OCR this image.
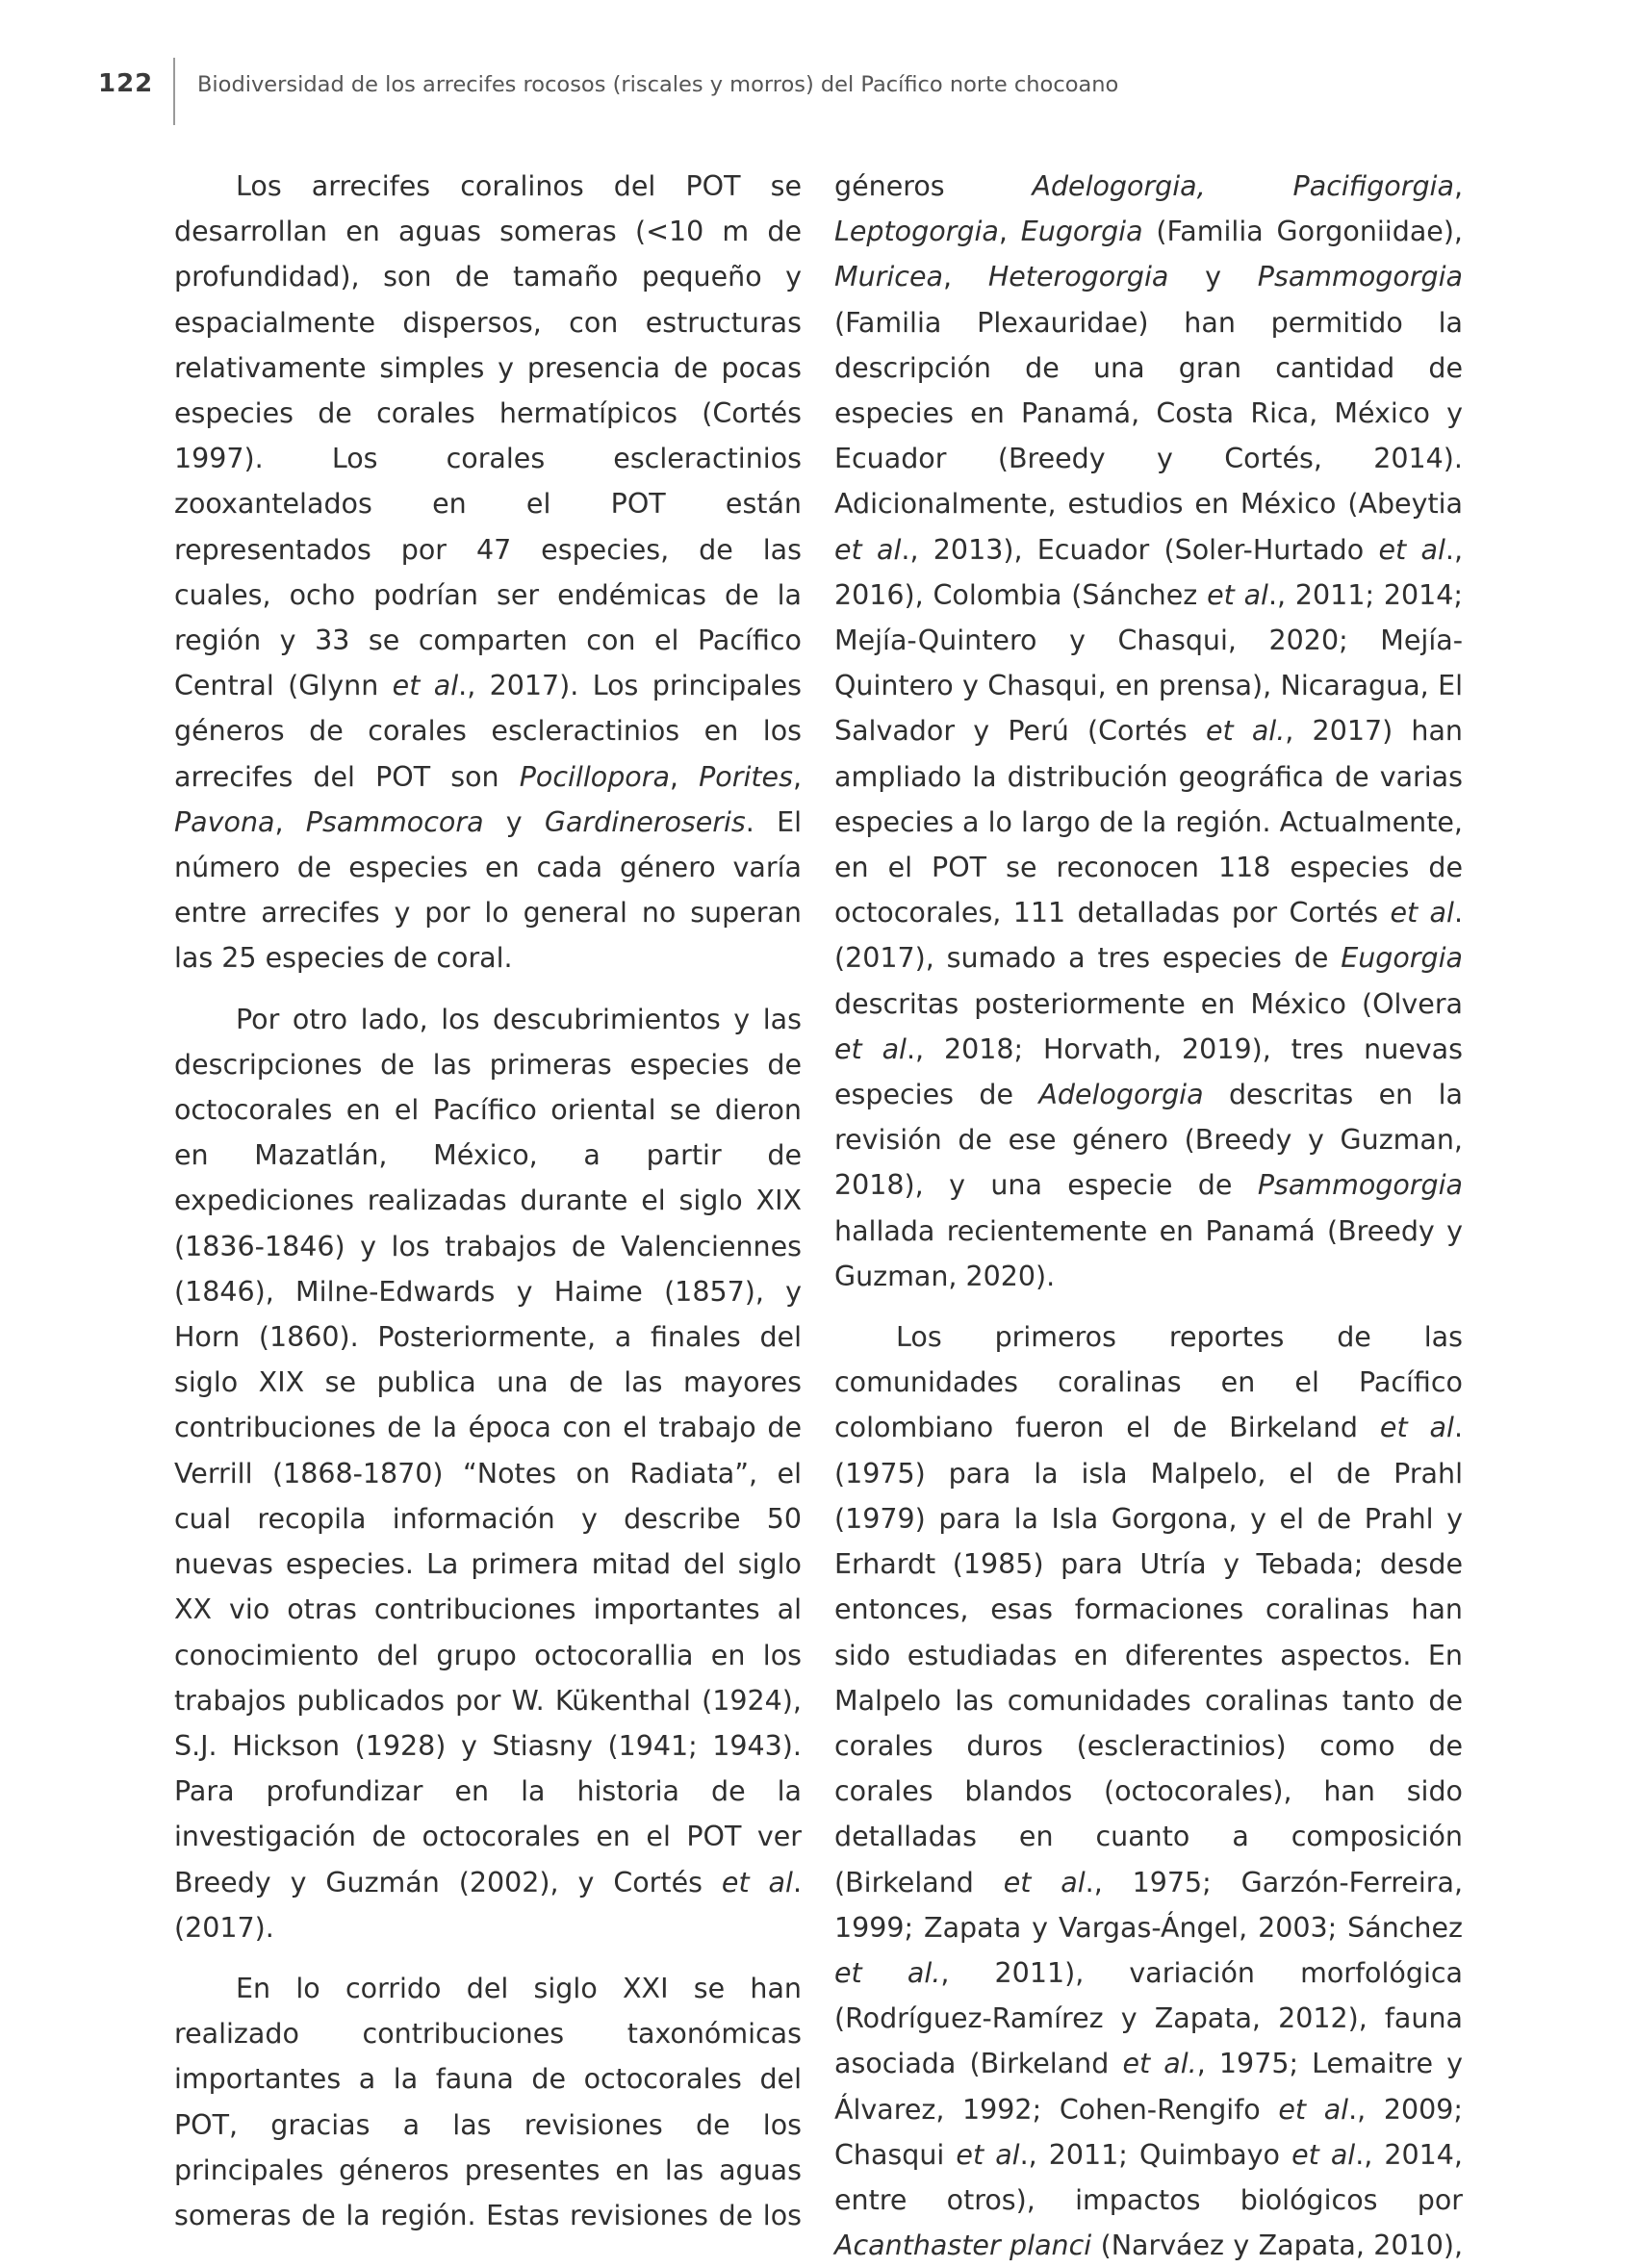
122 Biodiversidad de los arrecifes rocosos (riscales y morros) del Pacífico norte chocoano

Los arrecifes coralinos del POT se desarrollan en aguas someras (<10 m de profundidad), son de tamaño pequeño y espacialmente dispersos, con estructuras relativamente simples y presencia de pocas especies de corales hermatípicos (Cortés 1997). Los corales escleractinios zooxantelados en el POT están representados por 47 especies, de las cuales, ocho podrían ser endémicas de la región y 33 se comparten con el Pacífico Central (Glynn et al., 2017). Los principales géneros de corales escleractinios en los arrecifes del POT son Pocillopora, Porites, Pavona, Psammocora y Gardineroseris. El número de especies en cada género varía entre arrecifes y por lo general no superan las 25 especies de coral.

Por otro lado, los descubrimientos y las descripciones de las primeras especies de octocorales en el Pacífico oriental se dieron en Mazatlán, México, a partir de expediciones realizadas durante el siglo XIX (1836-1846) y los trabajos de Valenciennes (1846), Milne-Edwards y Haime (1857), y Horn (1860). Posteriormente, a finales del siglo XIX se publica una de las mayores contribuciones de la época con el trabajo de Verrill (1868-1870) “Notes on Radiata”, el cual recopila información y describe 50 nuevas especies. La primera mitad del siglo XX vio otras contribuciones importantes al conocimiento del grupo octocorallia en los trabajos publicados por W. Kükenthal (1924), S.J. Hickson (1928) y Stiasny (1941; 1943). Para profundizar en la historia de la investigación de octocorales en el POT ver Breedy y Guzmán (2002), y Cortés et al. (2017).

En lo corrido del siglo XXI se han realizado contribuciones taxonómicas importantes a la fauna de octocorales del POT, gracias a las revisiones de los principales géneros presentes en las aguas someras de la región. Estas revisiones de los

géneros Adelogorgia, Pacifigorgia, Leptogorgia, Eugorgia (Familia Gorgoniidae), Muricea, Heterogorgia y Psammogorgia (Familia Plexauridae) han permitido la descripción de una gran cantidad de especies en Panamá, Costa Rica, México y Ecuador (Breedy y Cortés, 2014). Adicionalmente, estudios en México (Abeytia et al., 2013), Ecuador (Soler-Hurtado et al., 2016), Colombia (Sánchez et al., 2011; 2014; Mejía-Quintero y Chasqui, 2020; Mejía-Quintero y Chasqui, en prensa), Nicaragua, El Salvador y Perú (Cortés et al., 2017) han ampliado la distribución geográfica de varias especies a lo largo de la región. Actualmente, en el POT se reconocen 118 especies de octocorales, 111 detalladas por Cortés et al. (2017), sumado a tres especies de Eugorgia descritas posteriormente en México (Olvera et al., 2018; Horvath, 2019), tres nuevas especies de Adelogorgia descritas en la revisión de ese género (Breedy y Guzman, 2018), y una especie de Psammogorgia hallada recientemente en Panamá (Breedy y Guzman, 2020).

Los primeros reportes de las comunidades coralinas en el Pacífico colombiano fueron el de Birkeland et al. (1975) para la isla Malpelo, el de Prahl (1979) para la Isla Gorgona, y el de Prahl y Erhardt (1985) para Utría y Tebada; desde entonces, esas formaciones coralinas han sido estudiadas en diferentes aspectos. En Malpelo las comunidades coralinas tanto de corales duros (escleractinios) como de corales blandos (octocorales), han sido detalladas en cuanto a composición (Birkeland et al., 1975; Garzón-Ferreira, 1999; Zapata y Vargas-Ángel, 2003; Sánchez et al., 2011), variación morfológica (Rodríguez-Ramírez y Zapata, 2012), fauna asociada (Birkeland et al., 1975; Lemaitre y Álvarez, 1992; Cohen-Rengifo et al., 2009; Chasqui et al., 2011; Quimbayo et al., 2014, entre otros), impactos biológicos por Acanthaster planci (Narváez y Zapata, 2010),
